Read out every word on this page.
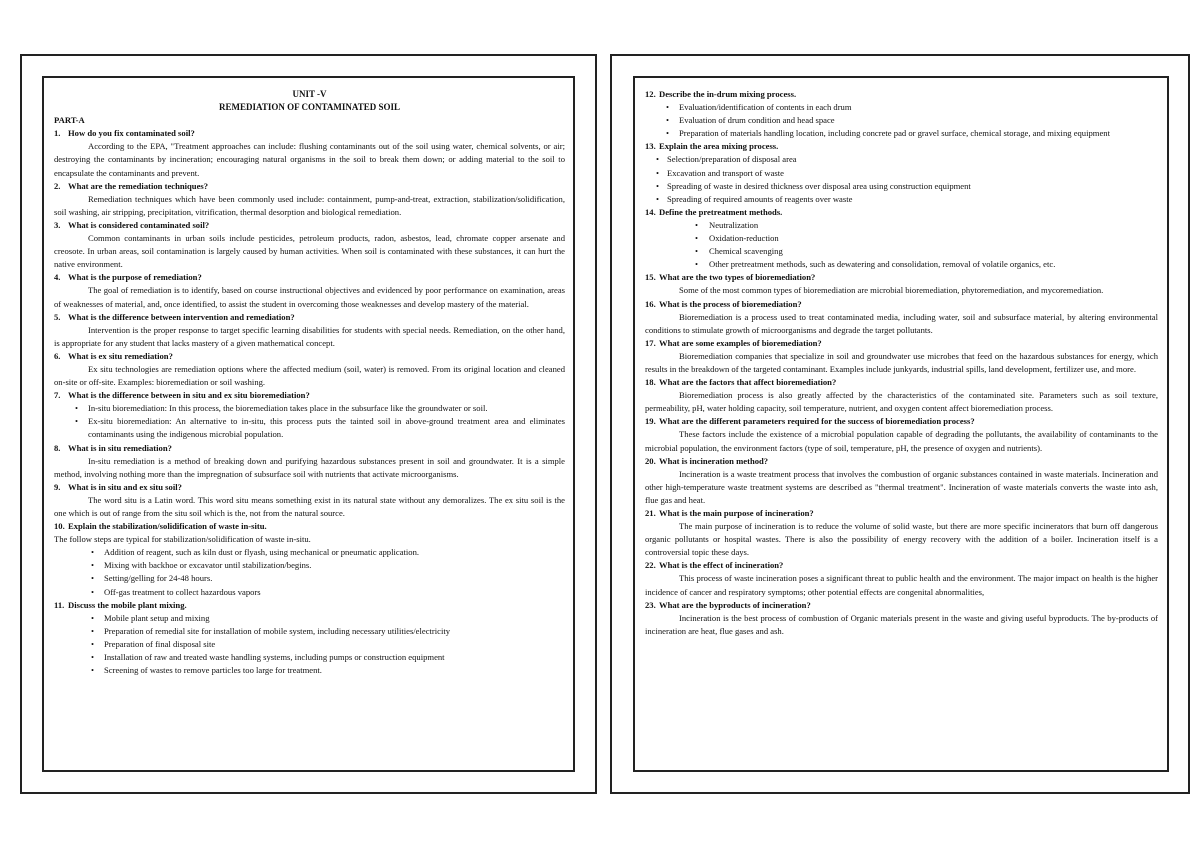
UNIT -V
REMEDIATION OF CONTAMINATED SOIL
PART-A
1. How do you fix contaminated soil?

According to the EPA, "Treatment approaches can include: flushing contaminants out of the soil using water, chemical solvents, or air; destroying the contaminants by incineration; encouraging natural organisms in the soil to break them down; or adding material to the soil to encapsulate the contaminants and prevent.

2. What are the remediation techniques?

Remediation techniques which have been commonly used include: containment, pump-and-treat, extraction, stabilization/solidification, soil washing, air stripping, precipitation, vitrification, thermal desorption and biological remediation.

3. What is considered contaminated soil?

Common contaminants in urban soils include pesticides, petroleum products, radon, asbestos, lead, chromate copper arsenate and creosote. In urban areas, soil contamination is largely caused by human activities. When soil is contaminated with these substances, it can hurt the native environment.

4. What is the purpose of remediation?

The goal of remediation is to identify, based on course instructional objectives and evidenced by poor performance on examination, areas of weaknesses of material, and, once identified, to assist the student in overcoming those weaknesses and develop mastery of the material.

5. What is the difference between intervention and remediation?

Intervention is the proper response to target specific learning disabilities for students with special needs. Remediation, on the other hand, is appropriate for any student that lacks mastery of a given mathematical concept.

6. What is ex situ remediation?

Ex situ technologies are remediation options where the affected medium (soil, water) is removed. From its original location and cleaned on-site or off-site. Examples: bioremediation or soil washing.

7. What is the difference between in situ and ex situ bioremediation?
• In-situ bioremediation: In this process, the bioremediation takes place in the subsurface like the groundwater or soil.
• Ex-situ bioremediation: An alternative to in-situ, this process puts the tainted soil in above-ground treatment area and eliminates contaminants using the indigenous microbial population.
8. What is in situ remediation?

In-situ remediation is a method of breaking down and purifying hazardous substances present in soil and groundwater. It is a simple method, involving nothing more than the impregnation of subsurface soil with nutrients that activate microorganisms.

9. What is in situ and ex situ soil?

The word situ is a Latin word. This word situ means something exist in its natural state without any demoralizes. The ex situ soil is the one which is out of range from the situ soil which is the, not from the natural source.

10. Explain the stabilization/solidification of waste in-situ.

The follow steps are typical for stabilization/solidification of waste in-situ.

• Addition of reagent, such as kiln dust or flyash, using mechanical or pneumatic application.
• Mixing with backhoe or excavator until stabilization/begins.
• Setting/gelling for 24-48 hours.
• Off-gas treatment to collect hazardous vapors
11. Discuss the mobile plant mixing.
• Mobile plant setup and mixing
• Preparation of remedial site for installation of mobile system, including necessary utilities/electricity
• Preparation of final disposal site
• Installation of raw and treated waste handling systems, including pumps or construction equipment
• Screening of wastes to remove particles too large for treatment.
12. Describe the in-drum mixing process.
• Evaluation/identification of contents in each drum
• Evaluation of drum condition and head space
• Preparation of materials handling location, including concrete pad or gravel surface, chemical storage, and mixing equipment
13. Explain the area mixing process.
• Selection/preparation of disposal area
• Excavation and transport of waste
• Spreading of waste in desired thickness over disposal area using construction equipment
• Spreading of required amounts of reagents over waste
14. Define the pretreatment methods.
• Neutralization
• Oxidation-reduction
• Chemical scavenging
• Other pretreatment methods, such as dewatering and consolidation, removal of volatile organics, etc.
15. What are the two types of bioremediation?

Some of the most common types of bioremediation are microbial bioremediation, phytoremediation, and mycoremediation.

16. What is the process of bioremediation?

Bioremediation is a process used to treat contaminated media, including water, soil and subsurface material, by altering environmental conditions to stimulate growth of microorganisms and degrade the target pollutants.

17. What are some examples of bioremediation?

Bioremediation companies that specialize in soil and groundwater use microbes that feed on the hazardous substances for energy, which results in the breakdown of the targeted contaminant. Examples include junkyards, industrial spills, land development, fertilizer use, and more.

18. What are the factors that affect bioremediation?

Bioremediation process is also greatly affected by the characteristics of the contaminated site. Parameters such as soil texture, permeability, pH, water holding capacity, soil temperature, nutrient, and oxygen content affect bioremediation process.

19. What are the different parameters required for the success of bioremediation process?

These factors include the existence of a microbial population capable of degrading the pollutants, the availability of contaminants to the microbial population, the environment factors (type of soil, temperature, pH, the presence of oxygen and nutrients).

20. What is incineration method?

Incineration is a waste treatment process that involves the combustion of organic substances contained in waste materials. Incineration and other high-temperature waste treatment systems are described as "thermal treatment". Incineration of waste materials converts the waste into ash, flue gas and heat.

21. What is the main purpose of incineration?

The main purpose of incineration is to reduce the volume of solid waste, but there are more specific incinerators that burn off dangerous organic pollutants or hospital wastes. There is also the possibility of energy recovery with the addition of a boiler. Incineration itself is a controversial topic these days.

22. What is the effect of incineration?

This process of waste incineration poses a significant threat to public health and the environment. The major impact on health is the higher incidence of cancer and respiratory symptoms; other potential effects are congenital abnormalities,

23. What are the byproducts of incineration?

Incineration is the best process of combustion of Organic materials present in the waste and giving useful byproducts. The by-products of incineration are heat, flue gases and ash.
